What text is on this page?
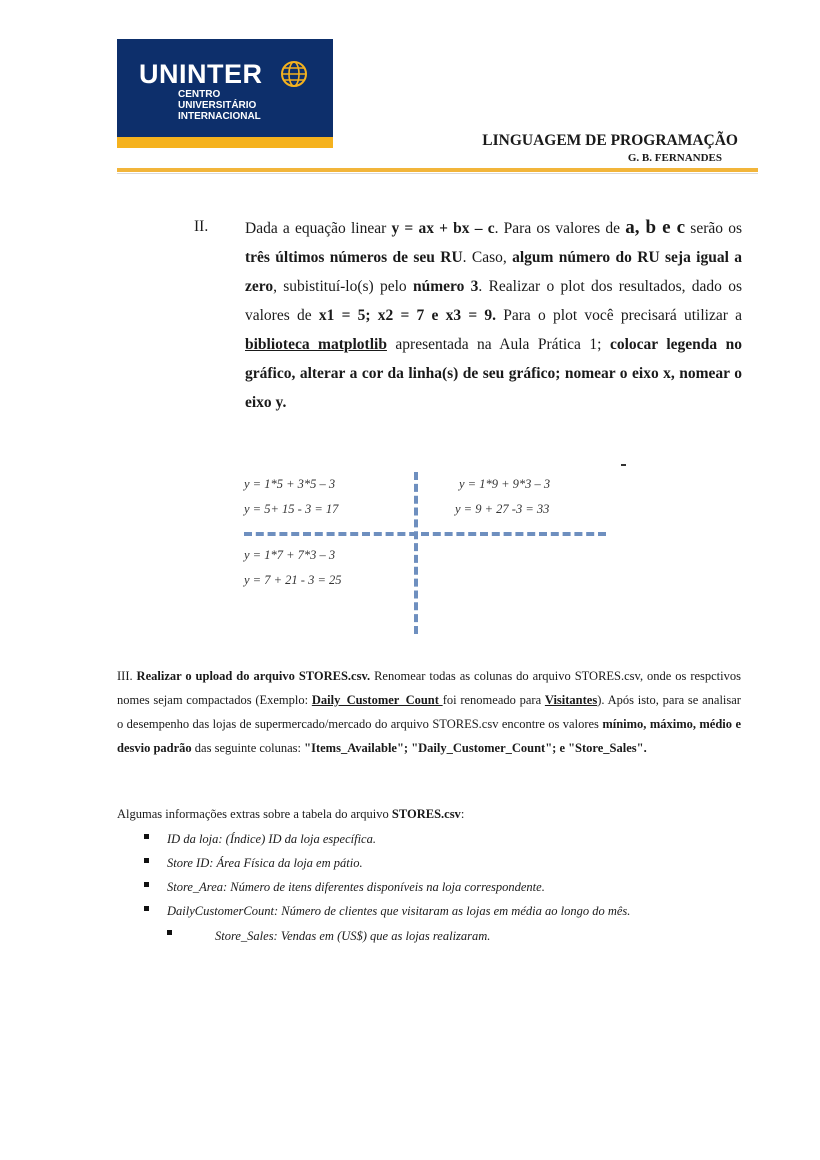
UNINTER
CENTRO
UNIVERSITÁRIO
INTERNACIONAL
LINGUAGEM DE PROGRAMAÇÃO
G. B. FERNANDES
II. Dada a equação linear y = ax + bx – c. Para os valores de a, b e c serão os três últimos números de seu RU. Caso, algum número do RU seja igual a zero, subistituí-lo(s) pelo número 3. Realizar o plot dos resultados, dado os valores de x1 = 5; x2 = 7 e x3 = 9. Para o plot você precisará utilizar a biblioteca matplotlib apresentada na Aula Prática 1; colocar legenda no gráfico, alterar a cor da linha(s) de seu gráfico; nomear o eixo x, nomear o eixo y.
y = 1*5 + 3*5 – 3
y = 5+ 15 - 3 = 17
y = 1*9 + 9*3 – 3
y = 9 + 27 -3 = 33
y = 1*7 + 7*3 – 3
y = 7 + 21 - 3 = 25
III. Realizar o upload do arquivo STORES.csv. Renomear todas as colunas do arquivo STORES.csv, onde os respctivos nomes sejam compactados (Exemplo: Daily_Customer_Count foi renomeado para Visitantes). Após isto, para se analisar o desempenho das lojas de supermercado/mercado do arquivo STORES.csv encontre os valores mínimo, máximo, médio e desvio padrão das seguinte colunas: "Items_Available"; "Daily_Customer_Count"; e "Store_Sales".
Algumas informações extras sobre a tabela do arquivo STORES.csv:
ID da loja: (Índice) ID da loja específica.
Store ID: Área Física da loja em pátio.
Store_Area: Número de itens diferentes disponíveis na loja correspondente.
DailyCustomerCount: Número de clientes que visitaram as lojas em média ao longo do mês.
Store_Sales: Vendas em (US$) que as lojas realizaram.
